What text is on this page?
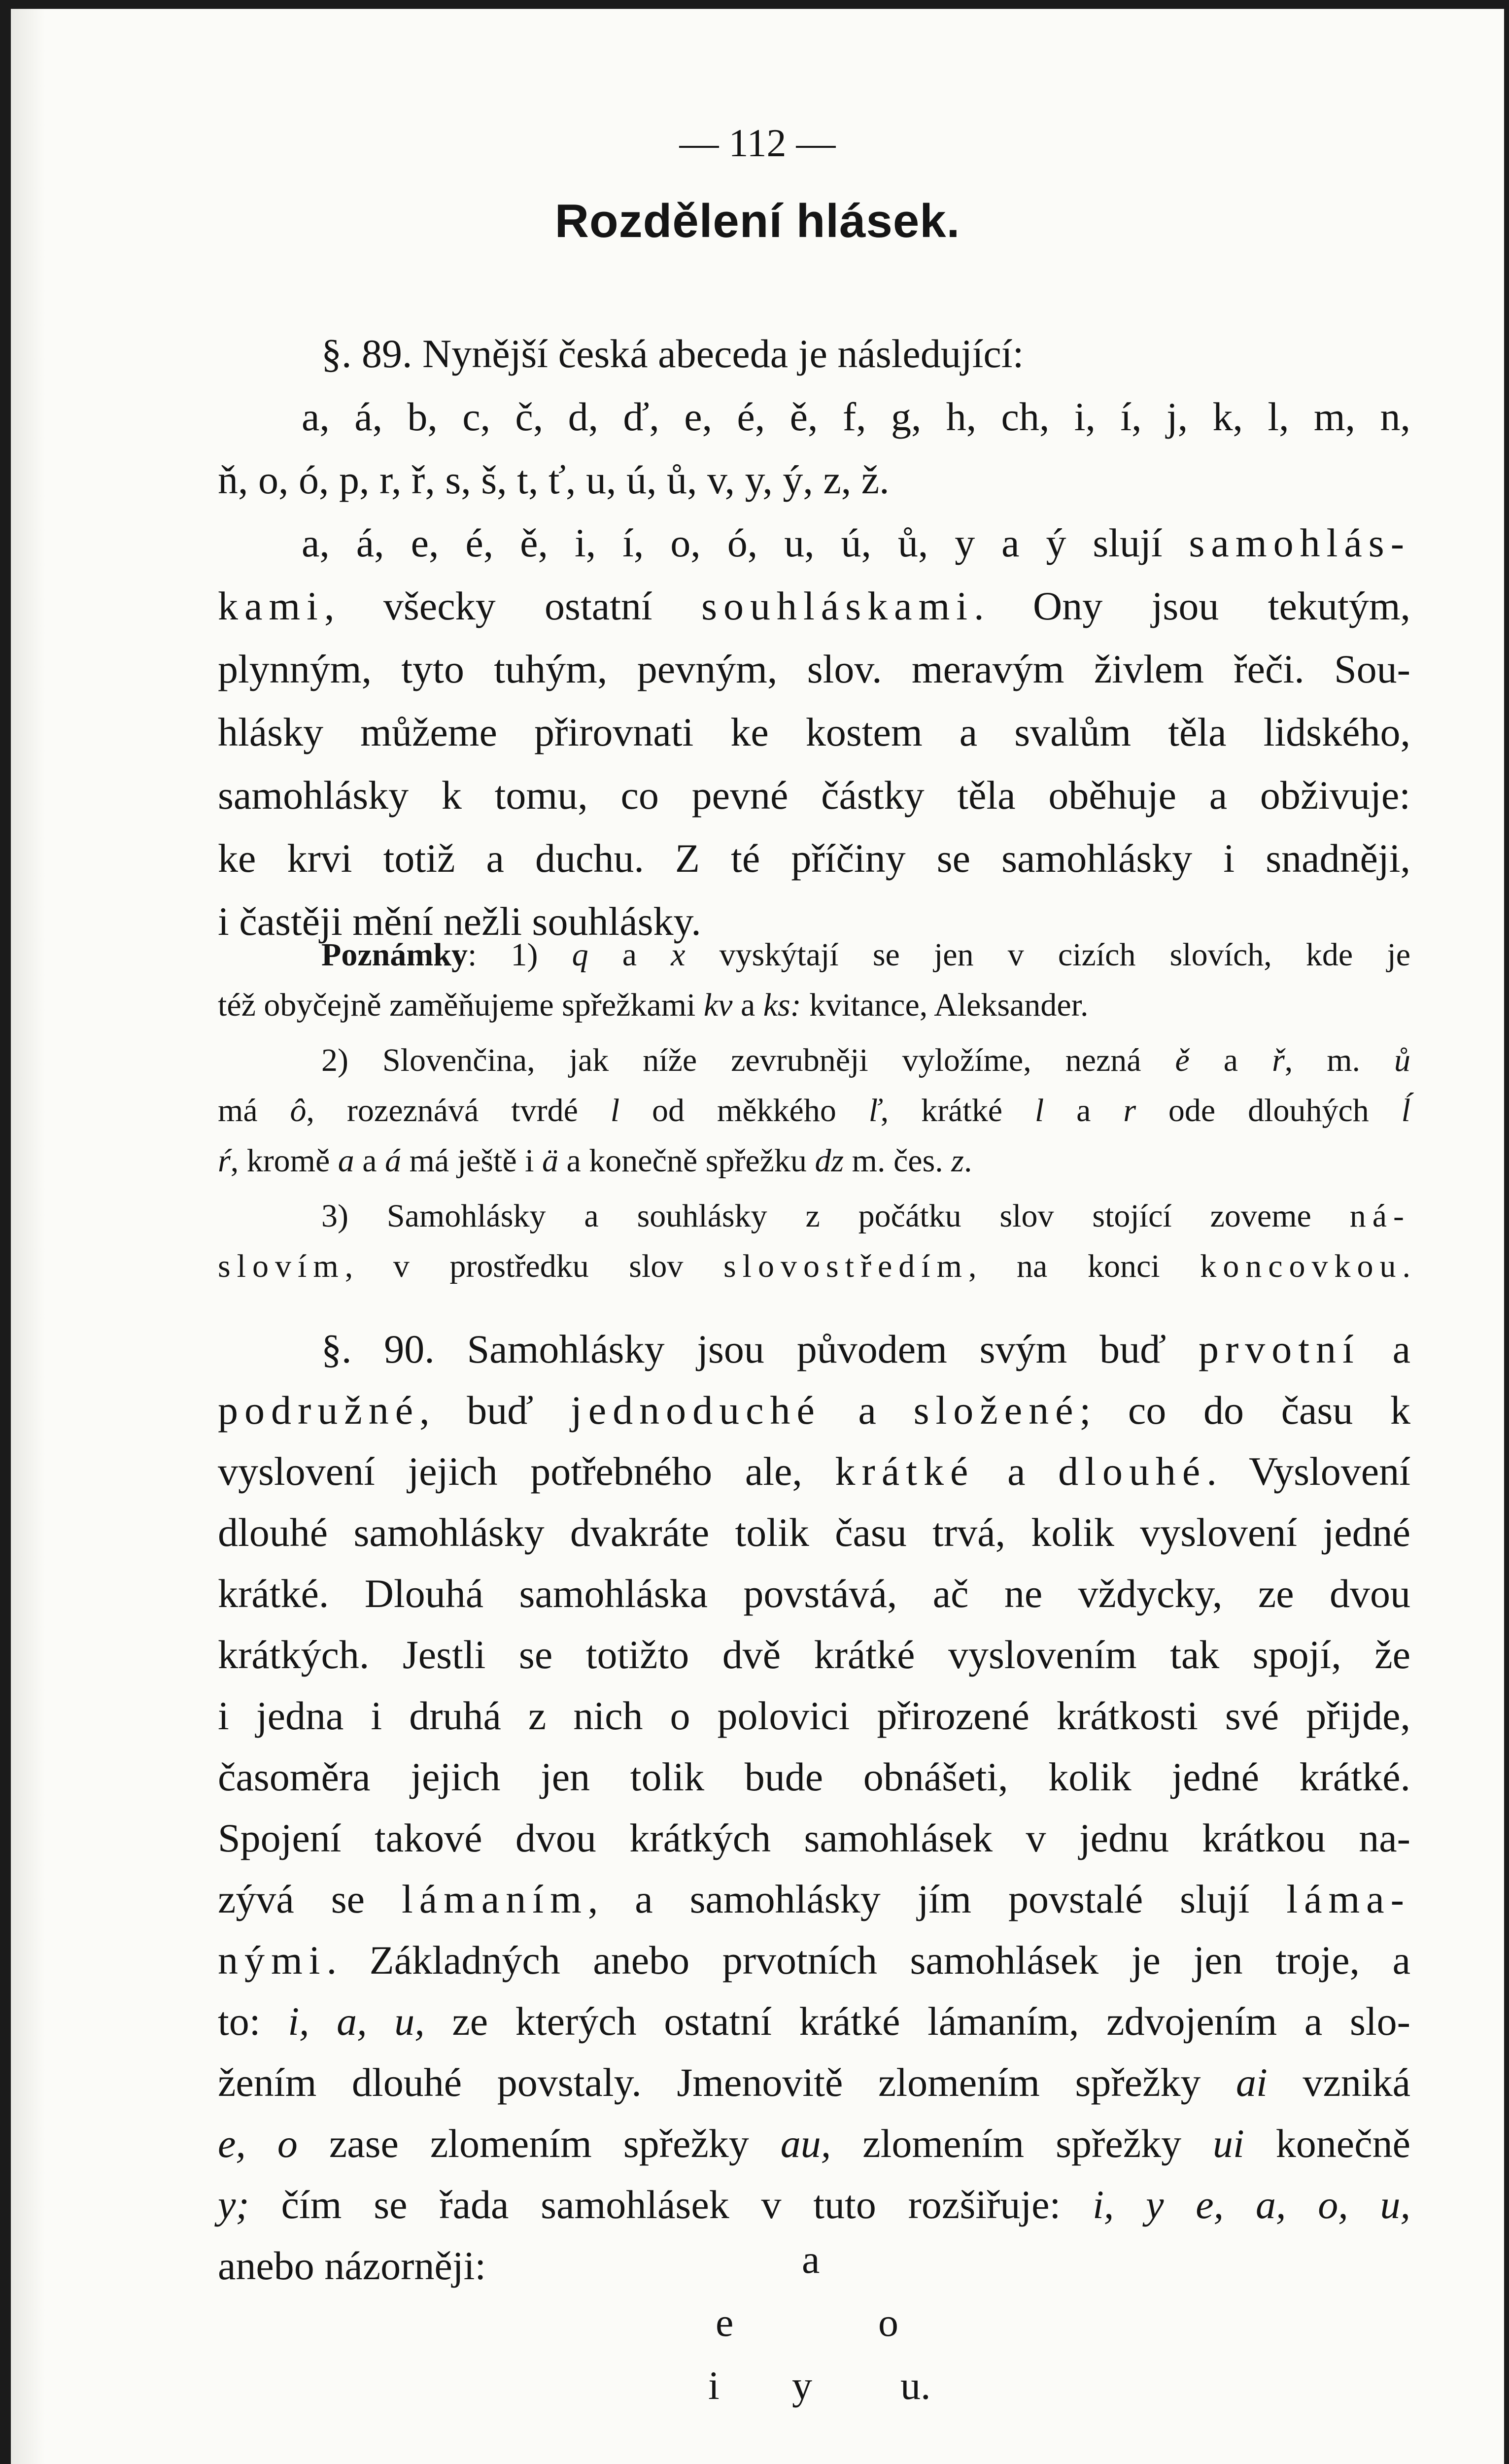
— 112 —
Rozdělení hlásek.
§. 89. Nynější česká abeceda je následující:
a, á, b, c, č, d, ď, e, é, ě, f, g, h, ch, i, í, j, k, l, m, n,
ň, o, ó, p, r, ř, s, š, t, ť, u, ú, ů, v, y, ý, z, ž.
a, á, e, é, ě, i, í, o, ó, u, ú, ů, y a ý slují samohlás-
kami, všecky ostatní souhláskami. Ony jsou tekutým,
plynným, tyto tuhým, pevným, slov. meravým živlem řeči. Sou-
hlásky můžeme přirovnati ke kostem a svalům těla lidského,
samohlásky k tomu, co pevné částky těla oběhuje a obživuje:
ke krvi totiž a duchu. Z té příčiny se samohlásky i snadněji,
i častěji mění nežli souhlásky.
Poznámky: 1) q a x vyskýtají se jen v cizích slovích, kde je
též obyčejně zaměňujeme spřežkami kv a ks: kvitance, Aleksander.
2) Slovenčina, jak níže zevrubněji vyložíme, nezná ě a ř, m. ů
má ô, rozeznává tvrdé l od měkkého ľ, krátké l a r ode dlouhých ĺ
ŕ, kromě a a á má ještě i ä a konečně spřežku dz m. čes. z.
3) Samohlásky a souhlásky z počátku slov stojící zoveme ná-
slovím, v prostředku slov slovostředím, na konci koncovkou.
§. 90. Samohlásky jsou původem svým buď prvotní a
podružné, buď jednoduché a složené; co do času k
vyslovení jejich potřebného ale, krátké a dlouhé. Vyslovení
dlouhé samohlásky dvakráte tolik času trvá, kolik vyslovení jedné
krátké. Dlouhá samohláska povstává, ač ne vždycky, ze dvou
krátkých. Jestli se totižto dvě krátké vyslovením tak spojí, že
i jedna i druhá z nich o polovici přirozené krátkosti své přijde,
časoměra jejich jen tolik bude obnášeti, kolik jedné krátké.
Spojení takové dvou krátkých samohlásek v jednu krátkou na-
zývá se lámaním, a samohlásky jím povstalé slují láma-
nými. Základných anebo prvotních samohlásek je jen troje, a
to: i, a, u, ze kterých ostatní krátké lámaním, zdvojením a slo-
žením dlouhé povstaly. Jmenovitě zlomením spřežky ai vzniká
e, o zase zlomením spřežky au, zlomením spřežky ui konečně
y; čím se řada samohlásek v tuto rozšiřuje: i, y e, a, o, u,
anebo názorněji:	a
e	o
i y u.
